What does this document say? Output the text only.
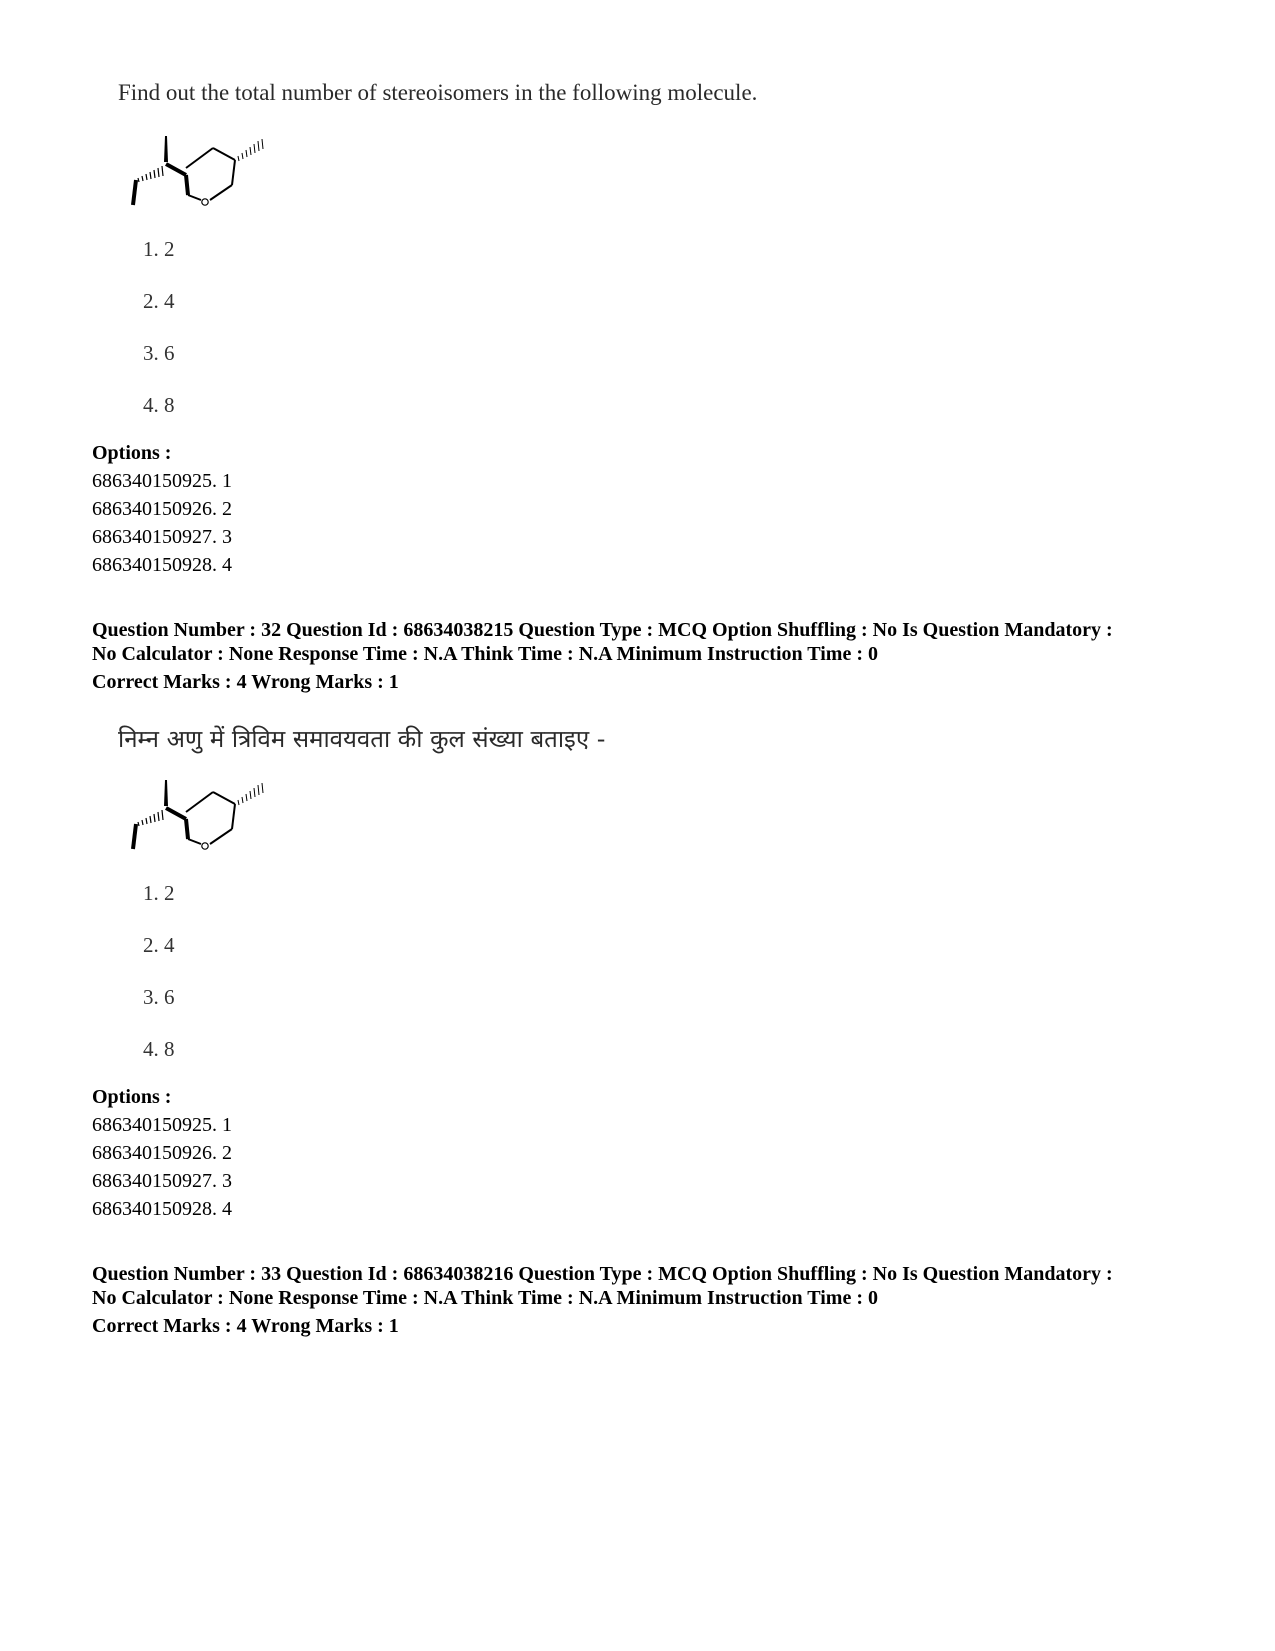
Find out the total number of stereoisomers in the following molecule.
1. 2
2. 4
3. 6
4. 8
Options :
686340150925. 1
686340150926. 2
686340150927. 3
686340150928. 4
Question Number : 32 Question Id : 68634038215 Question Type : MCQ Option Shuffling : No Is Question Mandatory :
No Calculator : None Response Time : N.A Think Time : N.A Minimum Instruction Time : 0
Correct Marks : 4 Wrong Marks : 1
निम्न अणु में त्रिविम समावयवता की कुल संख्या बताइए -
1. 2
2. 4
3. 6
4. 8
Options :
686340150925. 1
686340150926. 2
686340150927. 3
686340150928. 4
Question Number : 33 Question Id : 68634038216 Question Type : MCQ Option Shuffling : No Is Question Mandatory :
No Calculator : None Response Time : N.A Think Time : N.A Minimum Instruction Time : 0
Correct Marks : 4 Wrong Marks : 1
